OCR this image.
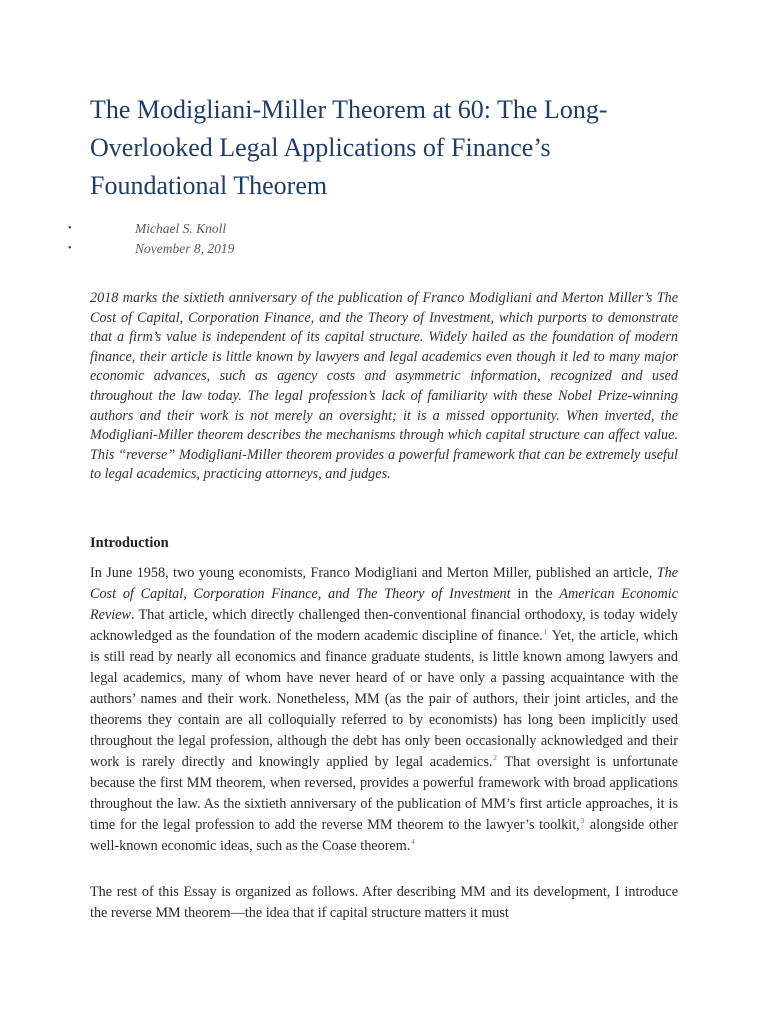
The Modigliani-Miller Theorem at 60: The Long-Overlooked Legal Applications of Finance’s Foundational Theorem
•	Michael S. Knoll
•	November 8, 2019

2018 marks the sixtieth anniversary of the publication of Franco Modigliani and Merton Miller’s The Cost of Capital, Corporation Finance, and the Theory of Investment, which purports to demonstrate that a firm’s value is independent of its capital structure. Widely hailed as the foundation of modern finance, their article is little known by lawyers and legal academics even though it led to many major economic advances, such as agency costs and asymmetric information, recognized and used throughout the law today. The legal profession’s lack of familiarity with these Nobel Prize-winning authors and their work is not merely an oversight; it is a missed opportunity. When inverted, the Modigliani-Miller theorem describes the mechanisms through which capital structure can affect value. This “reverse” Modigliani-Miller theorem provides a powerful framework that can be extremely useful to legal academics, practicing attorneys, and judges.

Introduction

In June 1958, two young economists, Franco Modigliani and Merton Miller, published an article, The Cost of Capital, Corporation Finance, and The Theory of Investment in the American Economic Review. That article, which directly challenged then-conventional financial orthodoxy, is today widely acknowledged as the foundation of the modern academic discipline of finance.$^1$ Yet, the article, which is still read by nearly all economics and finance graduate students, is little known among lawyers and legal academics, many of whom have never heard of or have only a passing acquaintance with the authors’ names and their work. Nonetheless, MM (as the pair of authors, their joint articles, and the theorems they contain are all colloquially referred to by economists) has long been implicitly used throughout the legal profession, although the debt has only been occasionally acknowledged and their work is rarely directly and knowingly applied by legal academics.$^2$ That oversight is unfortunate because the first MM theorem, when reversed, provides a powerful framework with broad applications throughout the law. As the sixtieth anniversary of the publication of MM’s first article approaches, it is time for the legal profession to add the reverse MM theorem to the lawyer’s toolkit,$^3$ alongside other well-known economic ideas, such as the Coase theorem.$^4$

The rest of this Essay is organized as follows. After describing MM and its development, I introduce the reverse MM theorem—the idea that if capital structure matters it must
